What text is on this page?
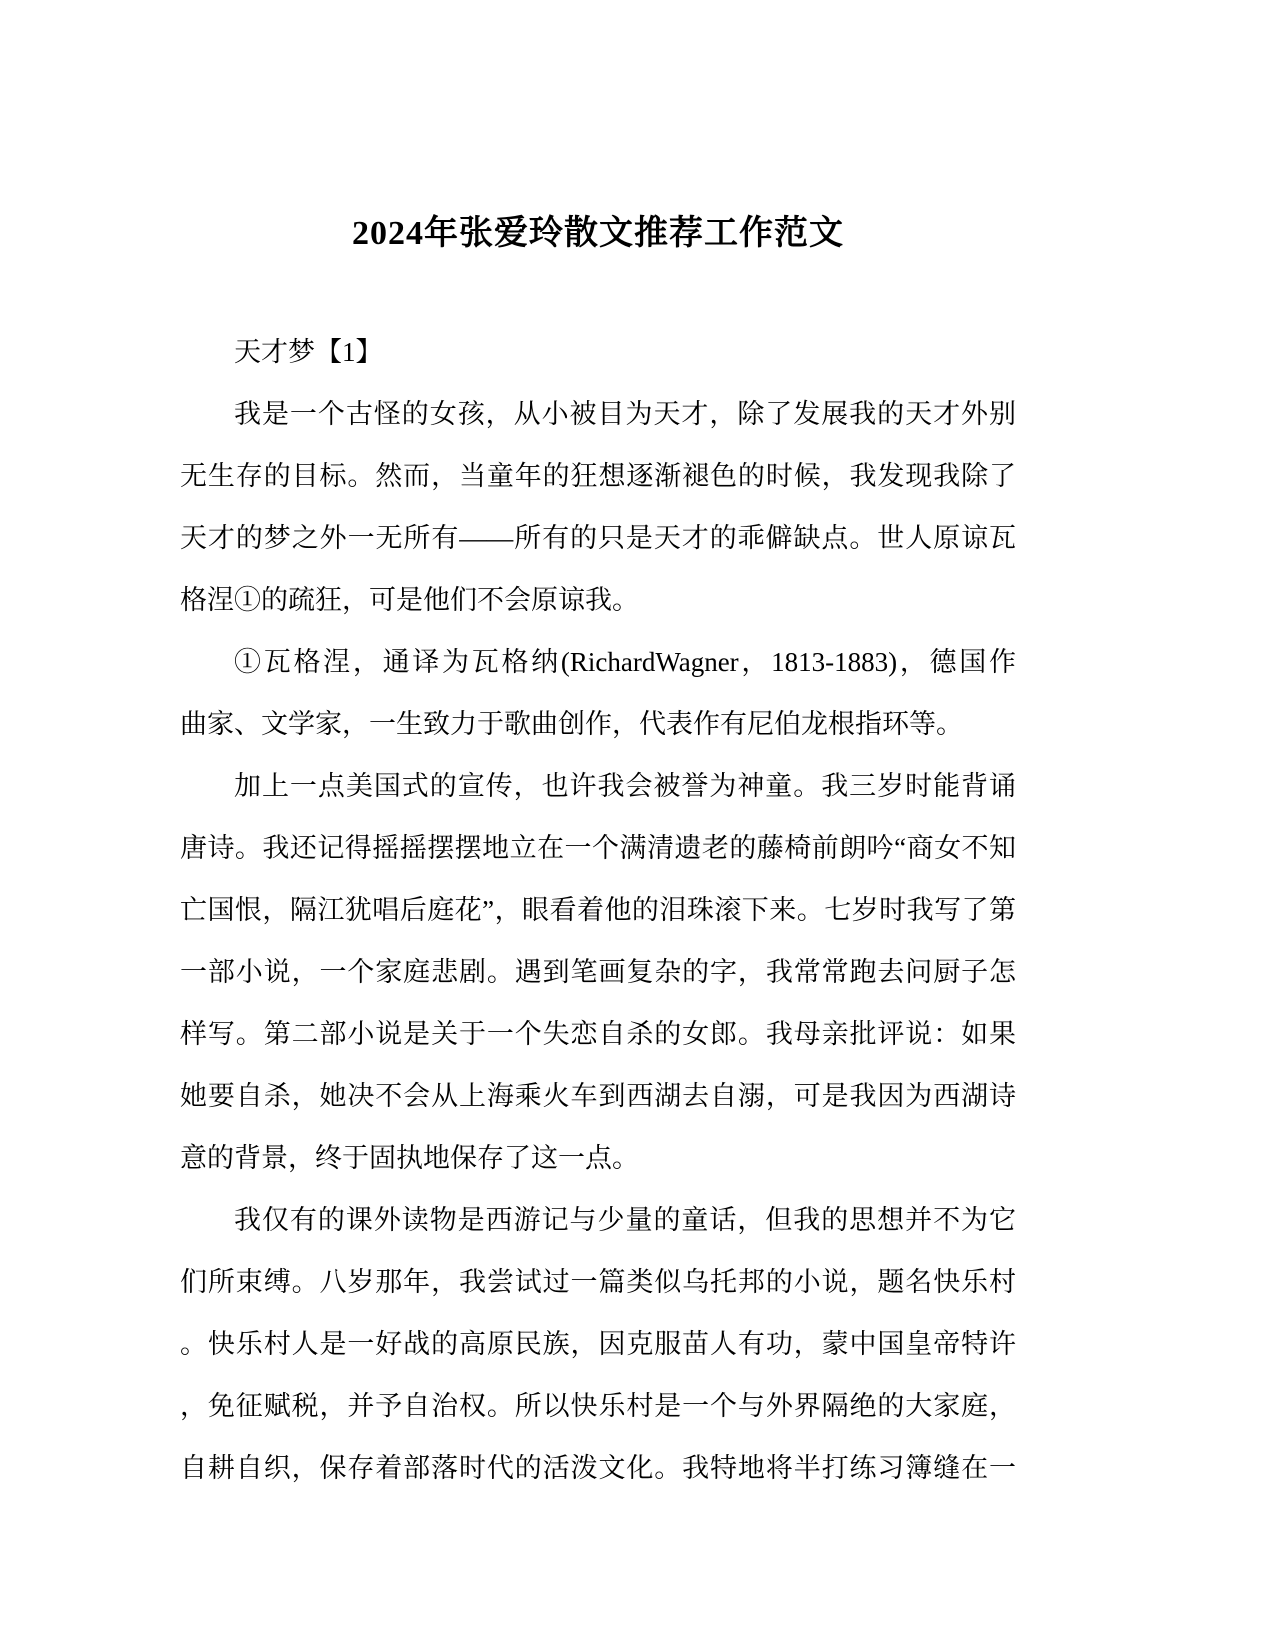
2024年张爱玲散文推荐工作范文
天才梦【1】
我是一个古怪的女孩，从小被目为天才，除了发展我的天才外别
无生存的目标。然而，当童年的狂想逐渐褪色的时候，我发现我除了
天才的梦之外一无所有——所有的只是天才的乖僻缺点。世人原谅瓦
格涅①的疏狂，可是他们不会原谅我。
①瓦格涅，通译为瓦格纳(RichardWagner，1813-1883)，德国作
曲家、文学家，一生致力于歌曲创作，代表作有尼伯龙根指环等。
加上一点美国式的宣传，也许我会被誉为神童。我三岁时能背诵
唐诗。我还记得摇摇摆摆地立在一个满清遗老的藤椅前朗吟“商女不知
亡国恨，隔江犹唱后庭花”，眼看着他的泪珠滚下来。七岁时我写了第
一部小说，一个家庭悲剧。遇到笔画复杂的字，我常常跑去问厨子怎
样写。第二部小说是关于一个失恋自杀的女郎。我母亲批评说：如果
她要自杀，她决不会从上海乘火车到西湖去自溺，可是我因为西湖诗
意的背景，终于固执地保存了这一点。
我仅有的课外读物是西游记与少量的童话，但我的思想并不为它
们所束缚。八岁那年，我尝试过一篇类似乌托邦的小说，题名快乐村
。快乐村人是一好战的高原民族，因克服苗人有功，蒙中国皇帝特许
，免征赋税，并予自治权。所以快乐村是一个与外界隔绝的大家庭，
自耕自织，保存着部落时代的活泼文化。我特地将半打练习簿缝在一
